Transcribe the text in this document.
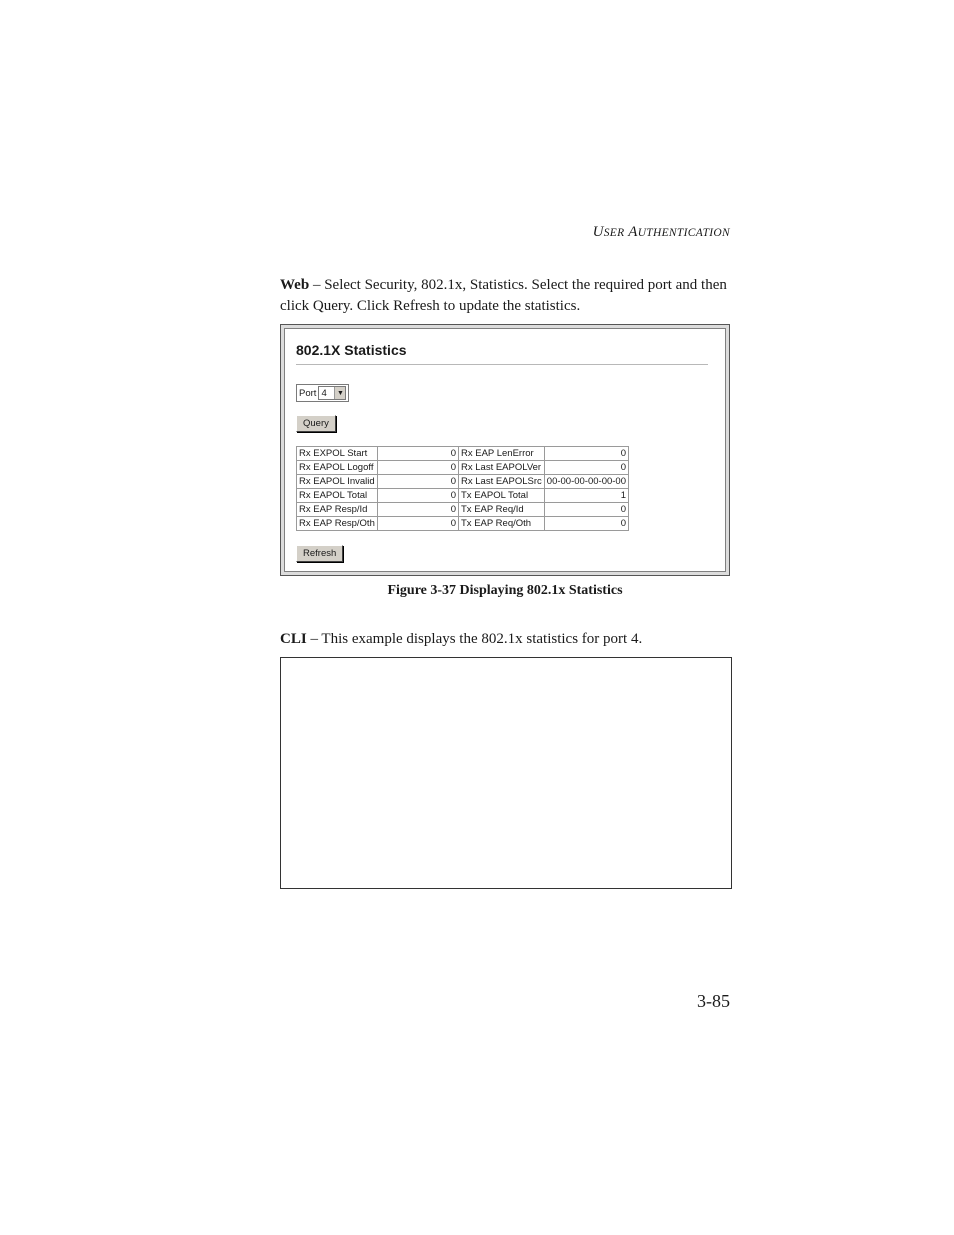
USER AUTHENTICATION
Web – Select Security, 802.1x, Statistics. Select the required port and then click Query. Click Refresh to update the statistics.
802.1X Statistics
Port 4	▼
Query
Rx EXPOL Start	0	Rx EAP LenError	0
Rx EAPOL Logoff	0	Rx Last EAPOLVer	0
Rx EAPOL Invalid	0	Rx Last EAPOLSrc	00-00-00-00-00-00
Rx EAPOL Total	0	Tx EAPOL Total	1
Rx EAP Resp/Id	0	Tx EAP Req/Id	0
Rx EAP Resp/Oth	0	Tx EAP Req/Oth	0
Refresh
Figure 3-37 Displaying 802.1x Statistics
CLI – This example displays the 802.1x statistics for port 4.
3-85
